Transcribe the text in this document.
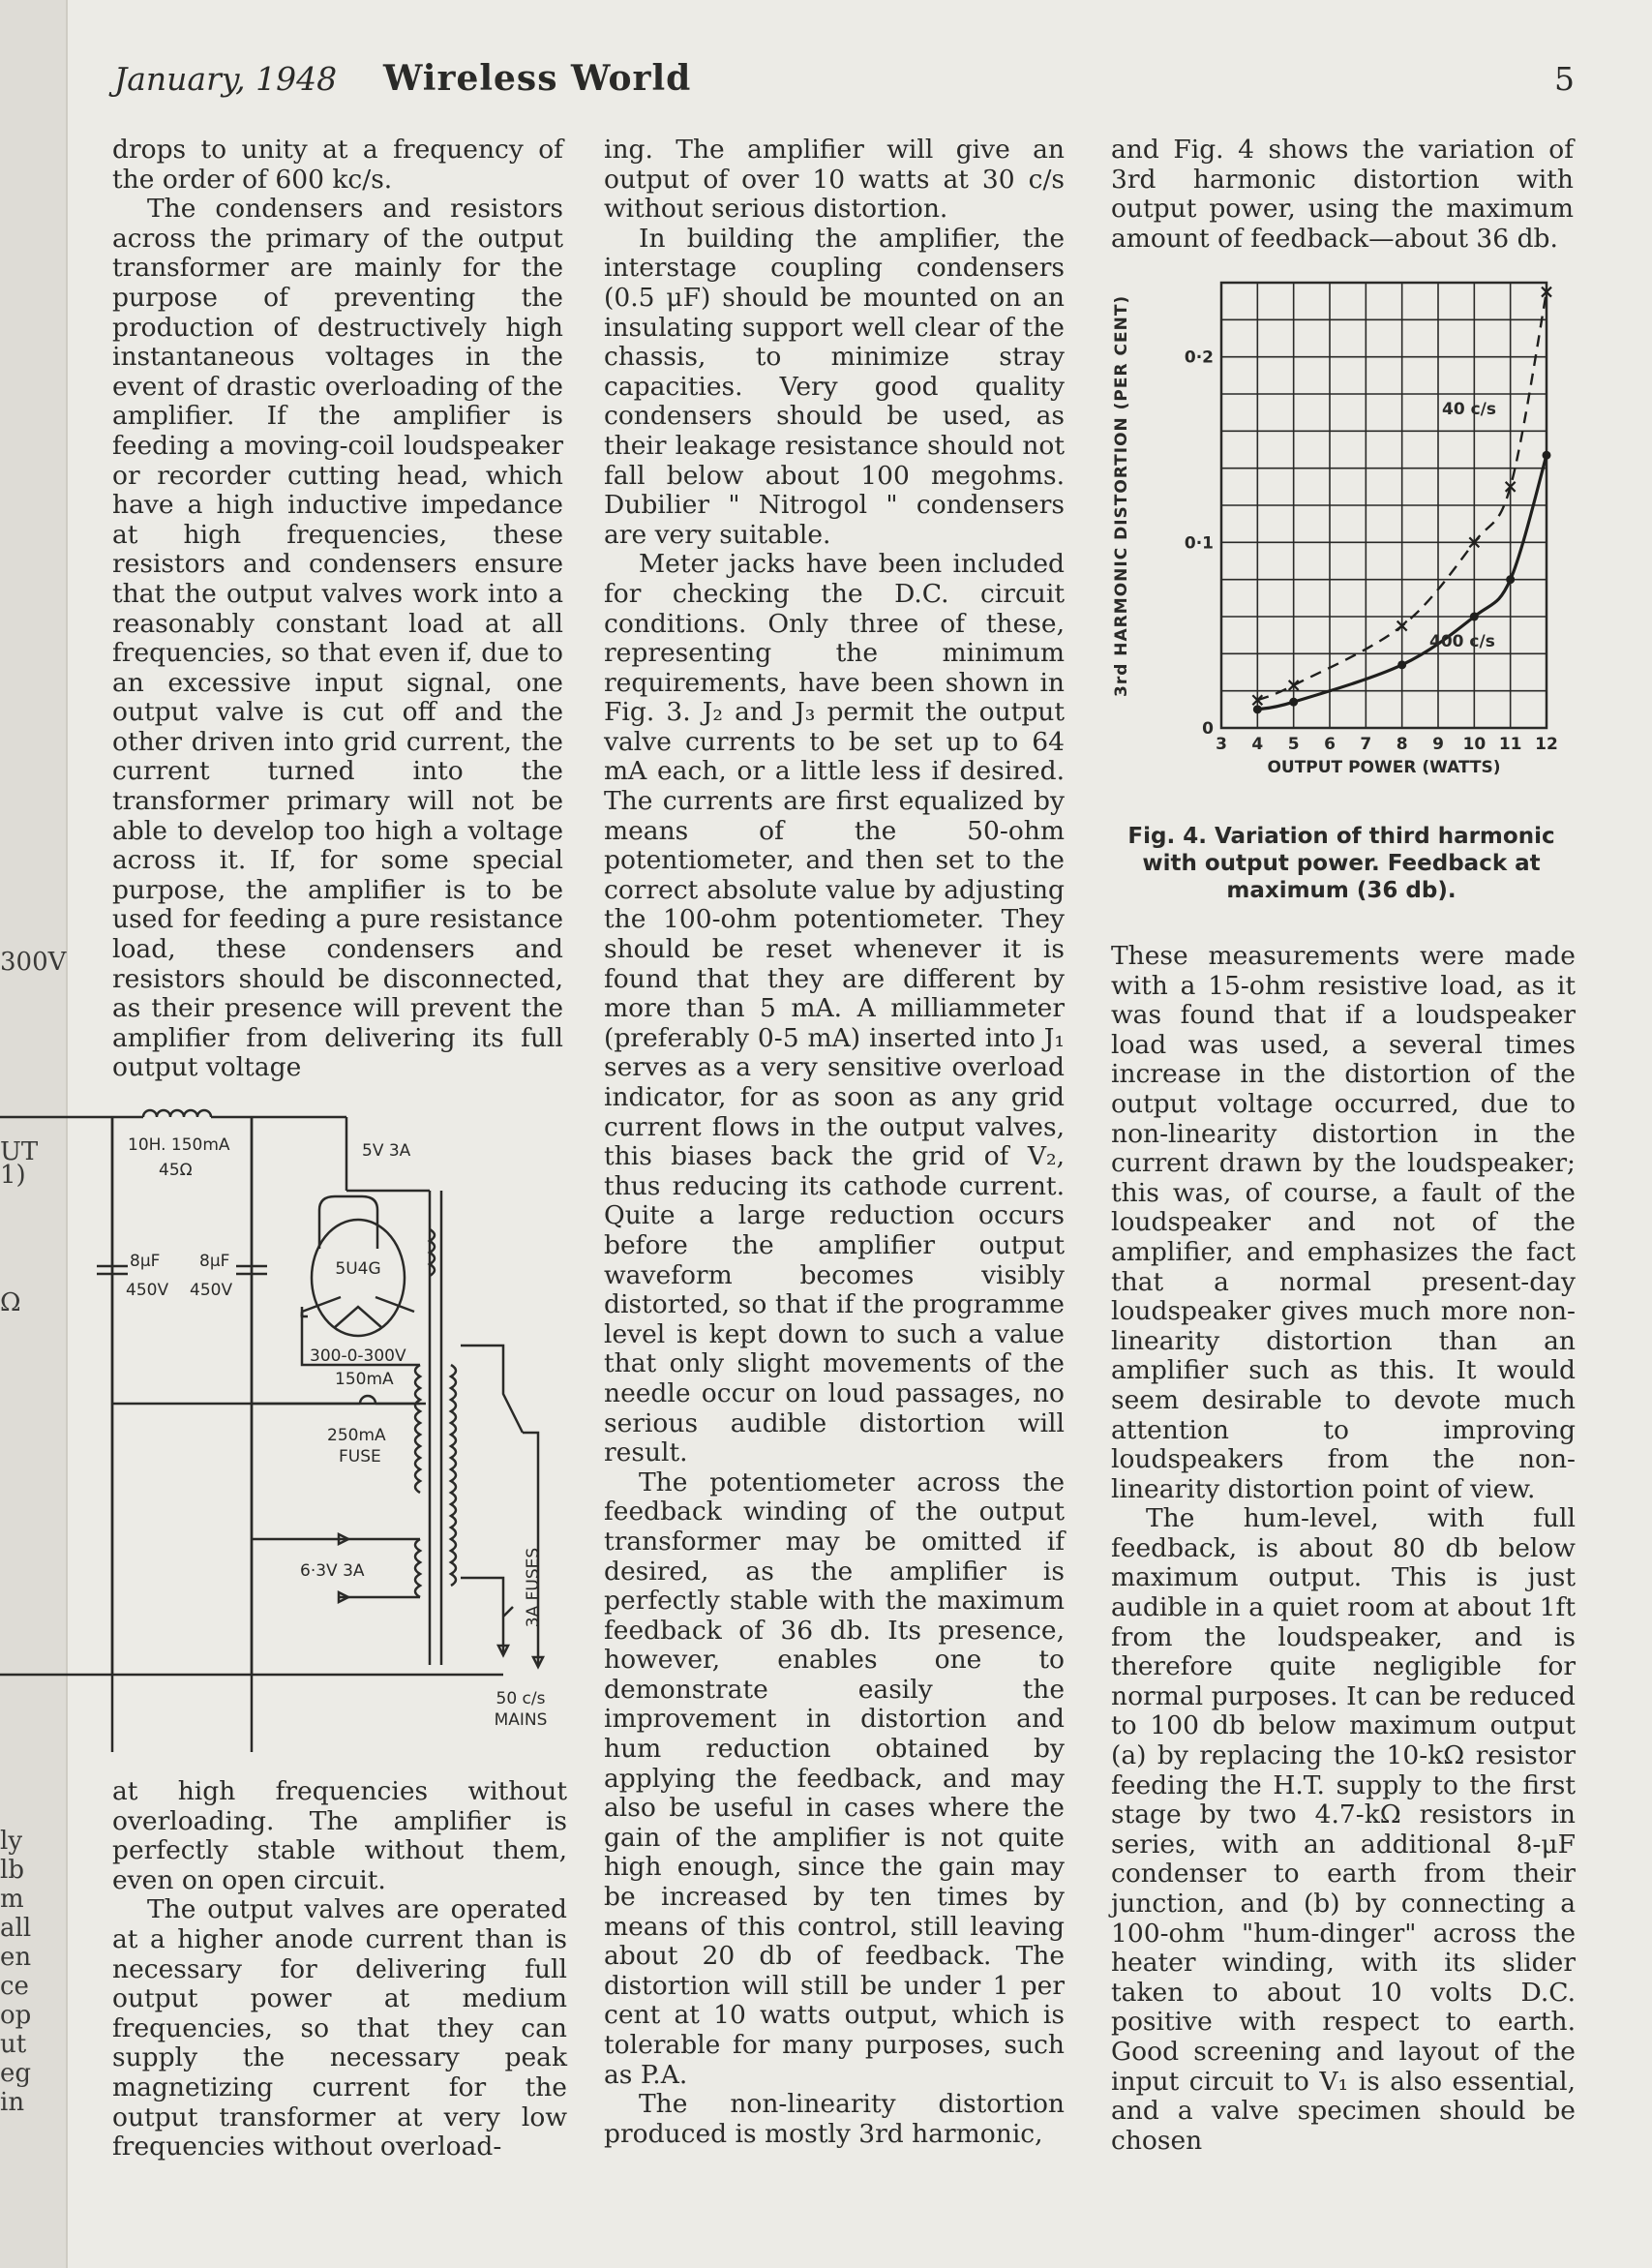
300V
UT
1)
Ω
ly
lb
m
all
en
ce
op
ut
eg
in
January, 1948 Wireless World	5

drops to unity at a frequency of the order of 600 kc/s.

The condensers and resistors across the primary of the output transformer are mainly for the purpose of preventing the production of destructively high instantaneous voltages in the event of drastic overloading of the amplifier. If the amplifier is feeding a moving-coil loudspeaker or recorder cutting head, which have a high inductive impedance at high frequencies, these resistors and condensers ensure that the output valves work into a reasonably constant load at all frequencies, so that even if, due to an excessive input signal, one output valve is cut off and the other driven into grid current, the current turned into the transformer primary will not be able to develop too high a voltage across it. If, for some special purpose, the amplifier is to be used for feeding a pure resistance load, these condensers and resistors should be disconnected, as their presence will prevent the amplifier from delivering its full output voltage

10H. 150mA
45Ω
8μF 8μF
450V 450V
5V 3A
5U4G
300-0-300V
150mA
250mA
FUSE
6·3V 3A	3A FUSES
50 c/s
MAINS

at high frequencies without overloading. The amplifier is perfectly stable without them, even on open circuit.

The output valves are operated at a higher anode current than is necessary for delivering full output power at medium frequencies, so that they can supply the necessary peak magnetizing current for the output transformer at very low frequencies without overload-

ing. The amplifier will give an output of over 10 watts at 30 c/s without serious distortion.

In building the amplifier, the interstage coupling condensers (0.5 μF) should be mounted on an insulating support well clear of the chassis, to minimize stray capacities. Very good quality condensers should be used, as their leakage resistance should not fall below about 100 megohms. Dubilier " Nitrogol " condensers are very suitable.

Meter jacks have been included for checking the D.C. circuit conditions. Only three of these, representing the minimum requirements, have been shown in Fig. 3. J₂ and J₃ permit the output valve currents to be set up to 64 mA each, or a little less if desired. The currents are first equalized by means of the 50-ohm potentiometer, and then set to the correct absolute value by adjusting the 100-ohm potentiometer. They should be reset whenever it is found that they are different by more than 5 mA. A milliammeter (preferably 0-5 mA) inserted into J₁ serves as a very sensitive overload indicator, for as soon as any grid current flows in the output valves, this biases back the grid of V₂, thus reducing its cathode current. Quite a large reduction occurs before the amplifier output waveform becomes visibly distorted, so that if the programme level is kept down to such a value that only slight movements of the needle occur on loud passages, no serious audible distortion will result.

The potentiometer across the feedback winding of the output transformer may be omitted if desired, as the amplifier is perfectly stable with the maximum feedback of 36 db. Its presence, however, enables one to demonstrate easily the improvement in distortion and hum reduction obtained by applying the feedback, and may also be useful in cases where the gain of the amplifier is not quite high enough, since the gain may be increased by ten times by means of this control, still leaving about 20 db of feedback. The distortion will still be under 1 per cent at 10 watts output, which is tolerable for many purposes, such as P.A.

The non-linearity distortion produced is mostly 3rd harmonic,

and Fig. 4 shows the variation of 3rd harmonic distortion with output power, using the maximum amount of feedback—about 36 db.

3 4 5 6 7 8 9 10 11 12
0
0·1
0·2
3rd HARMONIC DISTORTION (PER CENT)
OUTPUT POWER (WATTS)
40 c/s
400 c/s
Fig. 4. Variation of third harmonic with output power. Feedback at maximum (36 db).

These measurements were made with a 15-ohm resistive load, as it was found that if a loudspeaker load was used, a several times increase in the distortion of the output voltage occurred, due to non-linearity distortion in the current drawn by the loudspeaker; this was, of course, a fault of the loudspeaker and not of the amplifier, and emphasizes the fact that a normal present-day loudspeaker gives much more non-linearity distortion than an amplifier such as this. It would seem desirable to devote much attention to improving loudspeakers from the non-linearity distortion point of view.

The hum-level, with full feedback, is about 80 db below maximum output. This is just audible in a quiet room at about 1ft from the loudspeaker, and is therefore quite negligible for normal purposes. It can be reduced to 100 db below maximum output (a) by replacing the 10-kΩ resistor feeding the H.T. supply to the first stage by two 4.7-kΩ resistors in series, with an additional 8-μF condenser to earth from their junction, and (b) by connecting a 100-ohm "hum-dinger" across the heater winding, with its slider taken to about 10 volts D.C. positive with respect to earth. Good screening and layout of the input circuit to V₁ is also essential, and a valve specimen should be chosen
